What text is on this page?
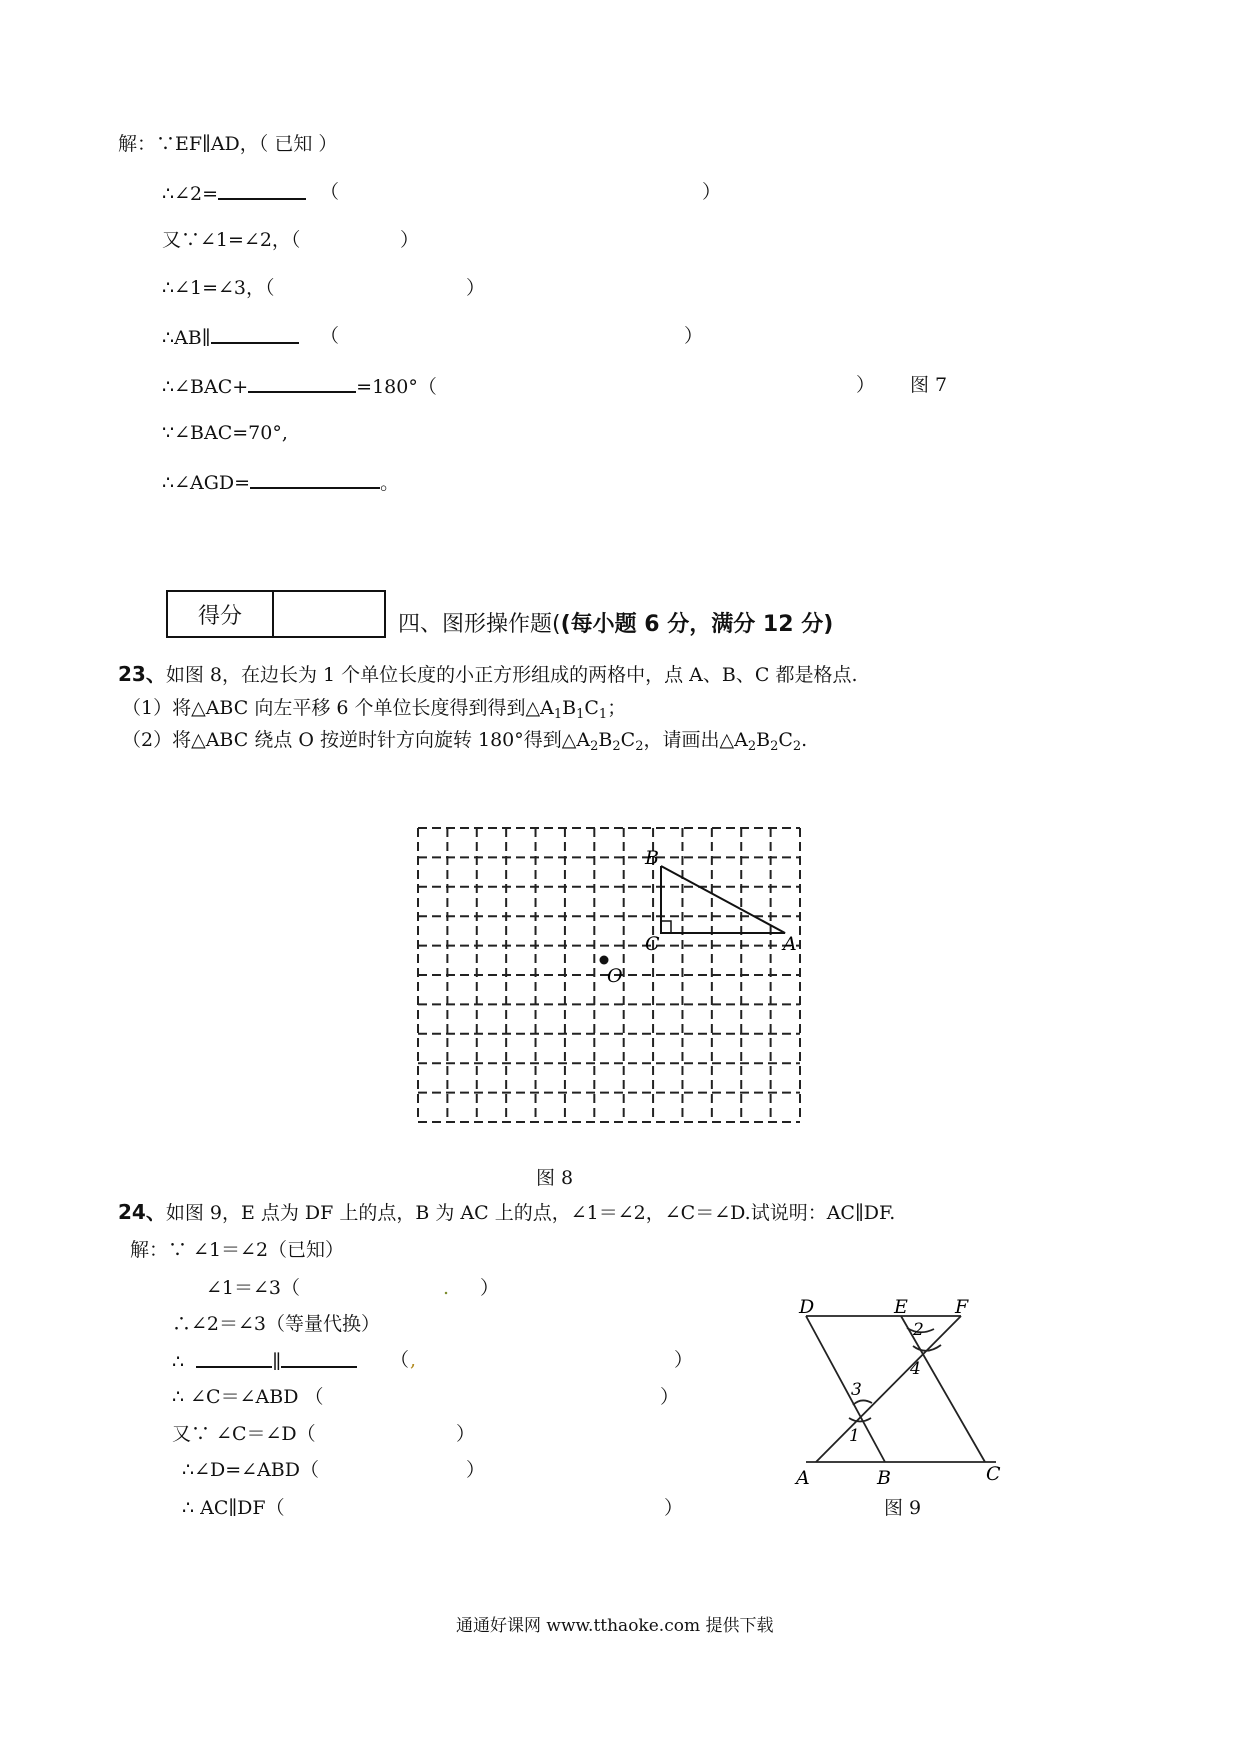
解：∵EF∥AD，（ 已知 ）
∴∠2=	（	）
又∵∠1=∠2，（	）
∴∠1=∠3，（	）
∴AB∥	（	）
∴∠BAC+	=180°（	） 图 7
∵∠BAC=70°,
∴∠AGD=	。
得分		四、图形操作题((每小题 6 分，满分 12 分)
23、如图 8，在边长为 1 个单位长度的小正方形组成的两格中，点 A、B、C 都是格点.
（1）将△ABC 向左平移 6 个单位长度得到得到$\triangle A_1B_1C_1$；
（2）将△ABC 绕点 O 按逆时针方向旋转 180°得到$\triangle A_2B_2C_2$，请画出$\triangle A_2B_2C_2$.
B
C	A
O
D	E F
A	B	C
1
2
3
4
图 8
24、如图 9，E 点为 DF 上的点，B 为 AC 上的点，∠1＝∠2，∠C＝∠D.试说明：AC∥DF.
解：∵ ∠1＝∠2（已知）
∠1＝∠3（	. ）
∴∠2＝∠3（等量代换）
∴	∥	（ ,	）
∴ ∠C＝∠ABD （	）
又∵ ∠C＝∠D（	）
∴∠D=∠ABD（	）
∴ AC∥DF（	）	图 9
通通好课网 www.tthaoke.com 提供下载
